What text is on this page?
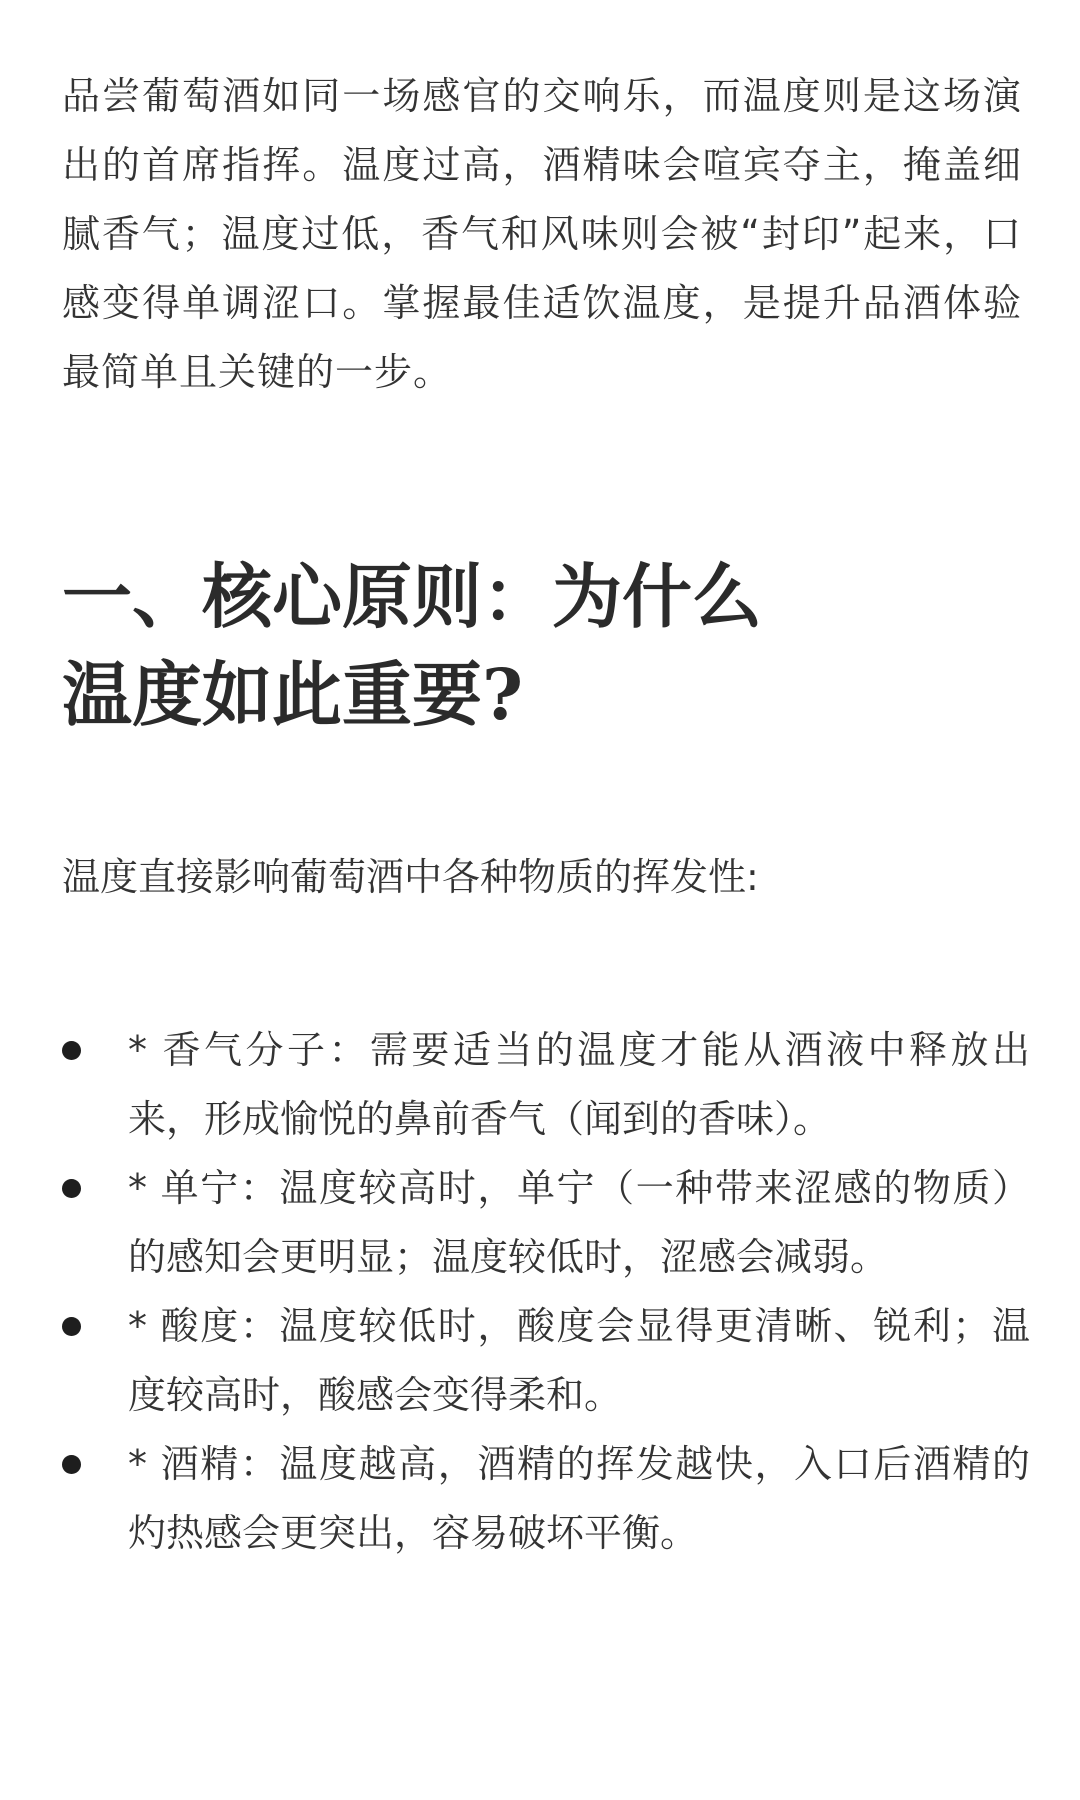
品尝葡萄酒如同一场感官的交响乐，而温度则是这场演出的首席指挥。温度过高，酒精味会喧宾夺主，掩盖细腻香气；温度过低，香气和风味则会被“封印”起来，口感变得单调涩口。掌握最佳适饮温度，是提升品酒体验最简单且关键的一步。

一、核心原则：为什么
温度如此重要?

温度直接影响葡萄酒中各种物质的挥发性:

* 香气分子：需要适当的温度才能从酒液中释放出来，形成愉悦的鼻前香气（闻到的香味）。
* 单宁：温度较高时，单宁（一种带来涩感的物质）的感知会更明显；温度较低时，涩感会减弱。
* 酸度：温度较低时，酸度会显得更清晰、锐利；温度较高时，酸感会变得柔和。
* 酒精：温度越高，酒精的挥发越快，入口后酒精的灼热感会更突出，容易破坏平衡。
